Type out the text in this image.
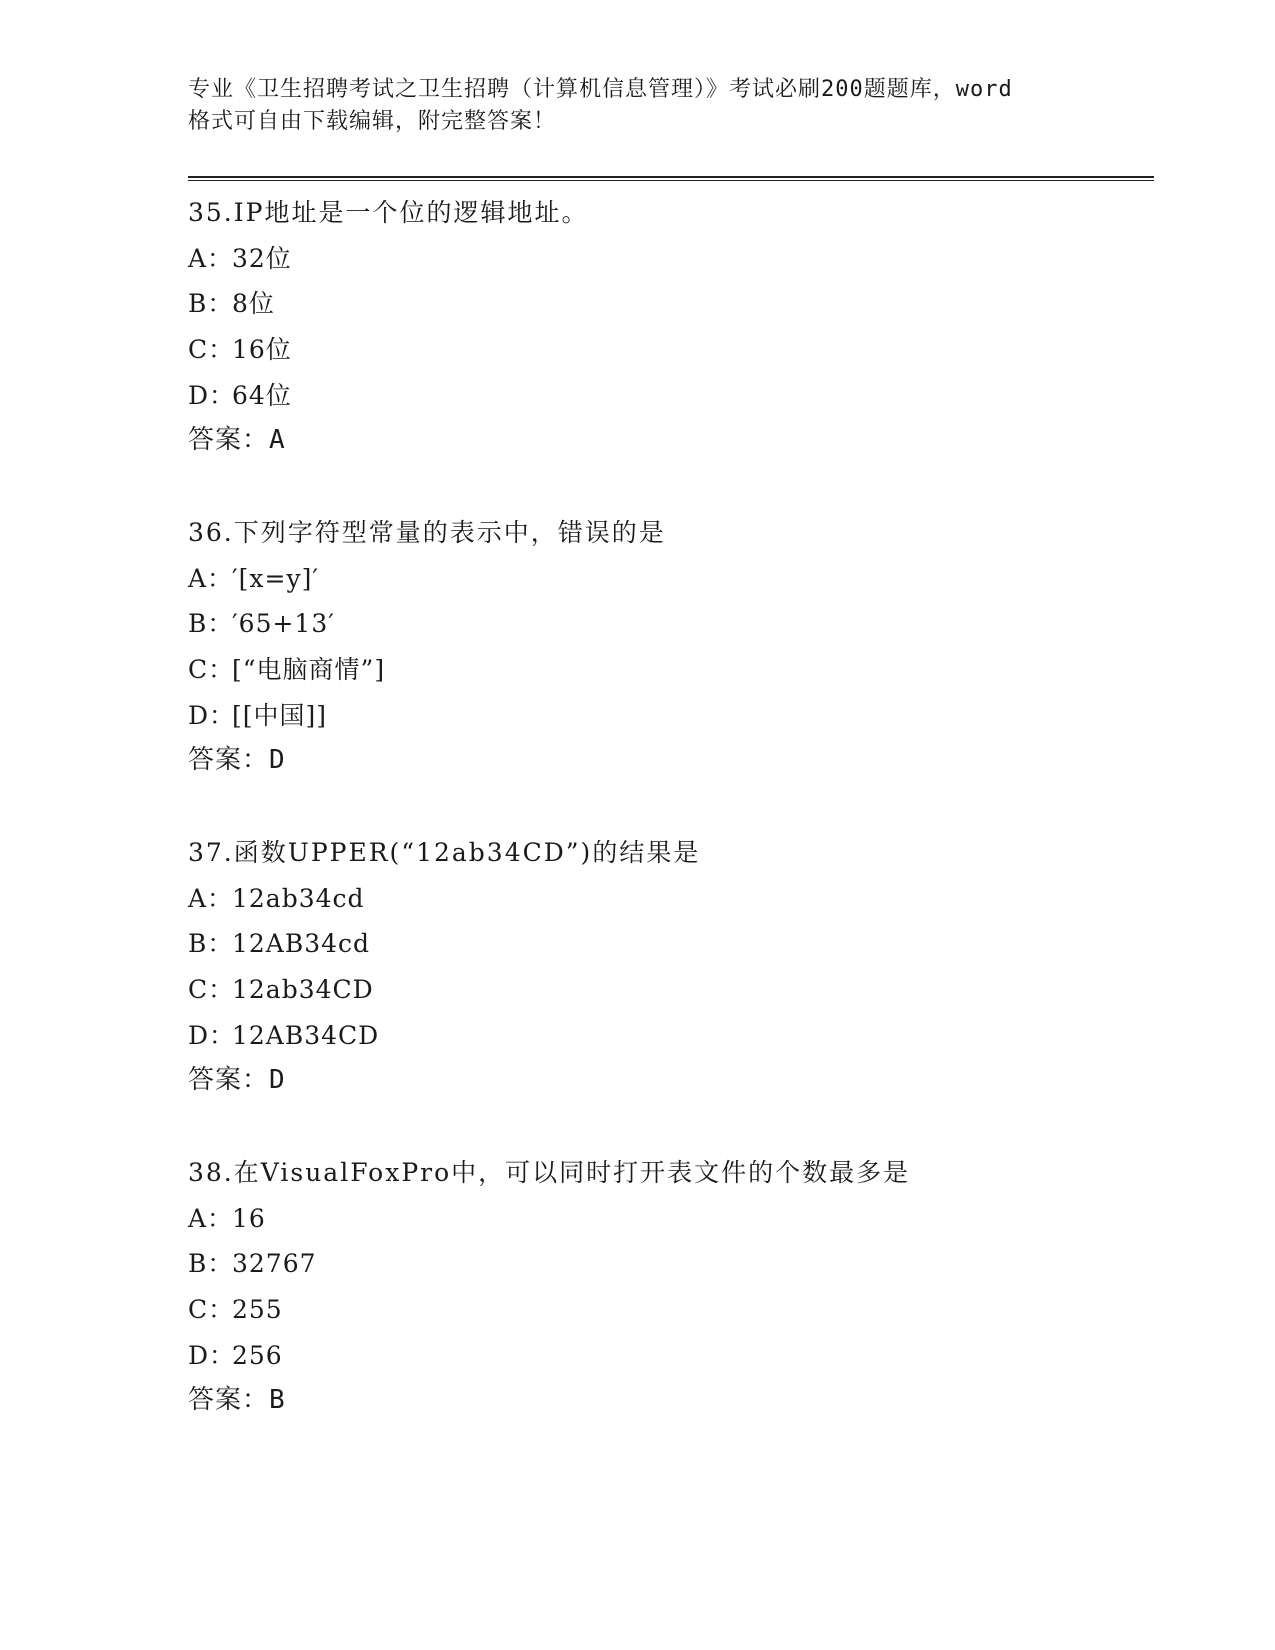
专业《卫生招聘考试之卫生招聘（计算机信息管理）》考试必刷200题题库，word
格式可自由下载编辑，附完整答案！
35.IP地址是一个位的逻辑地址。
A：32位
B：8位
C：16位
D：64位
答案：A
36.下列字符型常量的表示中，错误的是
A：′[x=y]′
B：′65+13′
C：[“电脑商情”]
D：[[中国]]
答案：D
37.函数UPPER(“12ab34CD”)的结果是
A：12ab34cd
B：12AB34cd
C：12ab34CD
D：12AB34CD
答案：D
38.在VisualFoxPro中，可以同时打开表文件的个数最多是
A：16
B：32767
C：255
D：256
答案：B
